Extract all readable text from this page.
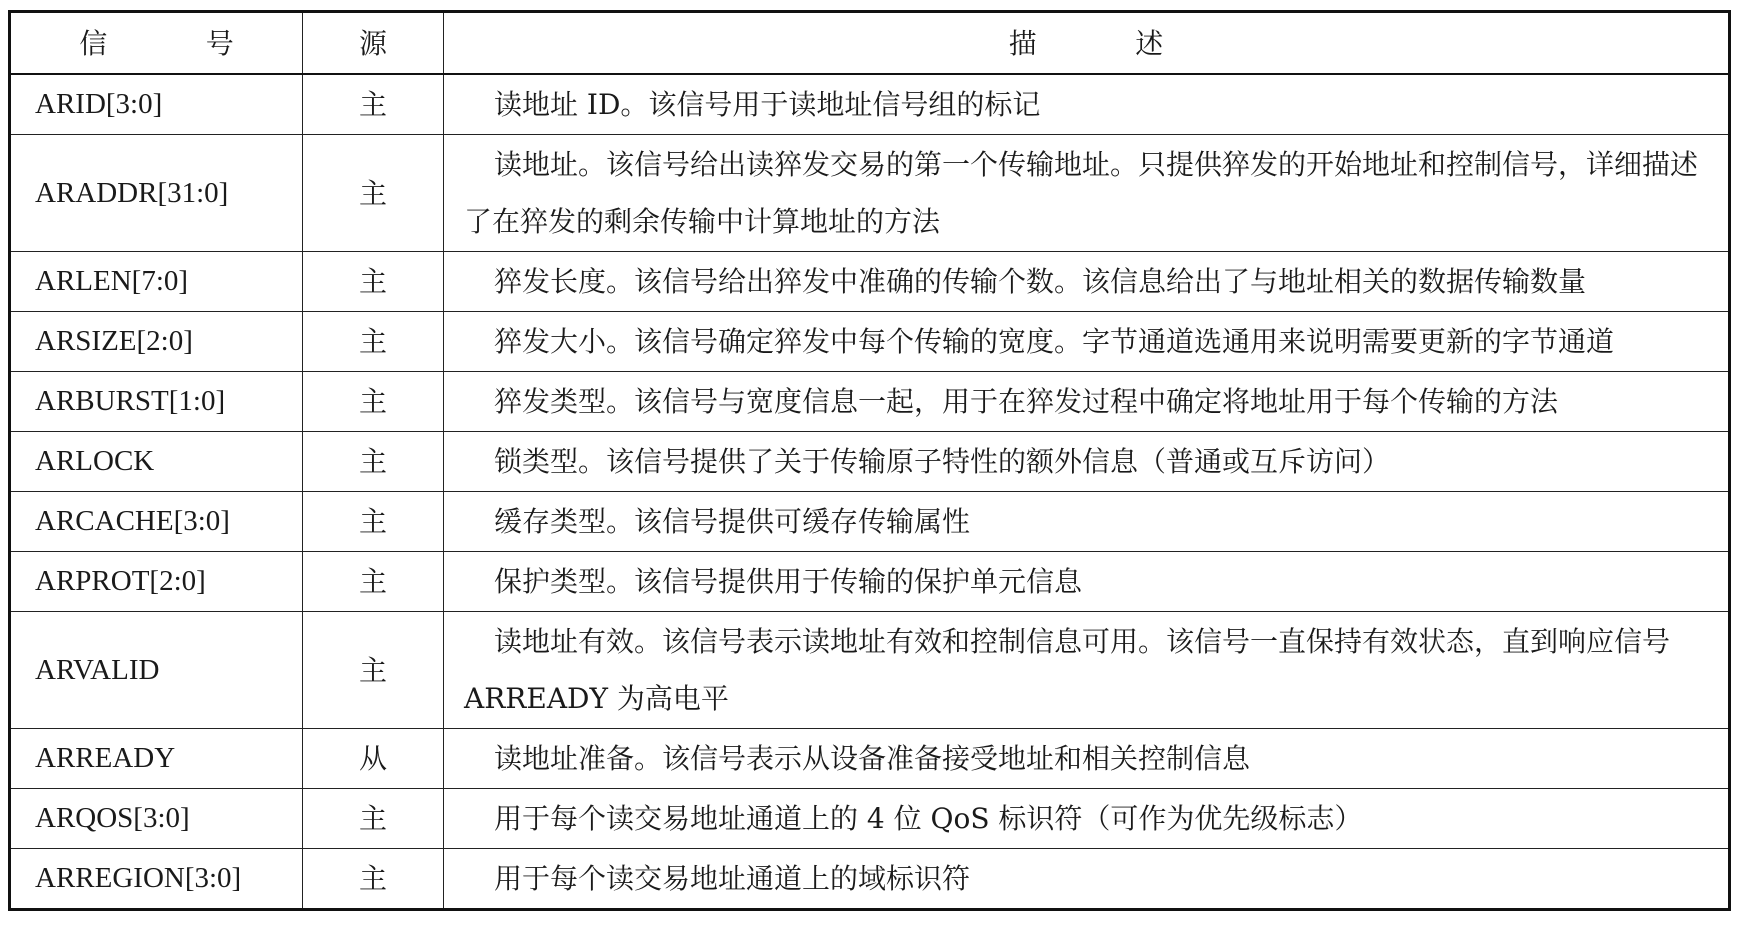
信 号	源	描 述
ARID[3:0]	主	读地址 ID。该信号用于读地址信号组的标记
ARADDR[31:0]	主	读地址。该信号给出读猝发交易的第一个传输地址。只提供猝发的开始地址和控制信号，详细描述了在猝发的剩余传输中计算地址的方法
ARLEN[7:0]	主	猝发长度。该信号给出猝发中准确的传输个数。该信息给出了与地址相关的数据传输数量
ARSIZE[2:0]	主	猝发大小。该信号确定猝发中每个传输的宽度。字节通道选通用来说明需要更新的字节通道
ARBURST[1:0]	主	猝发类型。该信号与宽度信息一起，用于在猝发过程中确定将地址用于每个传输的方法
ARLOCK	主	锁类型。该信号提供了关于传输原子特性的额外信息（普通或互斥访问）
ARCACHE[3:0]	主	缓存类型。该信号提供可缓存传输属性
ARPROT[2:0]	主	保护类型。该信号提供用于传输的保护单元信息
ARVALID	主	读地址有效。该信号表示读地址有效和控制信息可用。该信号一直保持有效状态，直到响应信号 ARREADY 为高电平
ARREADY	从	读地址准备。该信号表示从设备准备接受地址和相关控制信息
ARQOS[3:0]	主	用于每个读交易地址通道上的 4 位 QoS 标识符（可作为优先级标志）
ARREGION[3:0]	主	用于每个读交易地址通道上的域标识符
